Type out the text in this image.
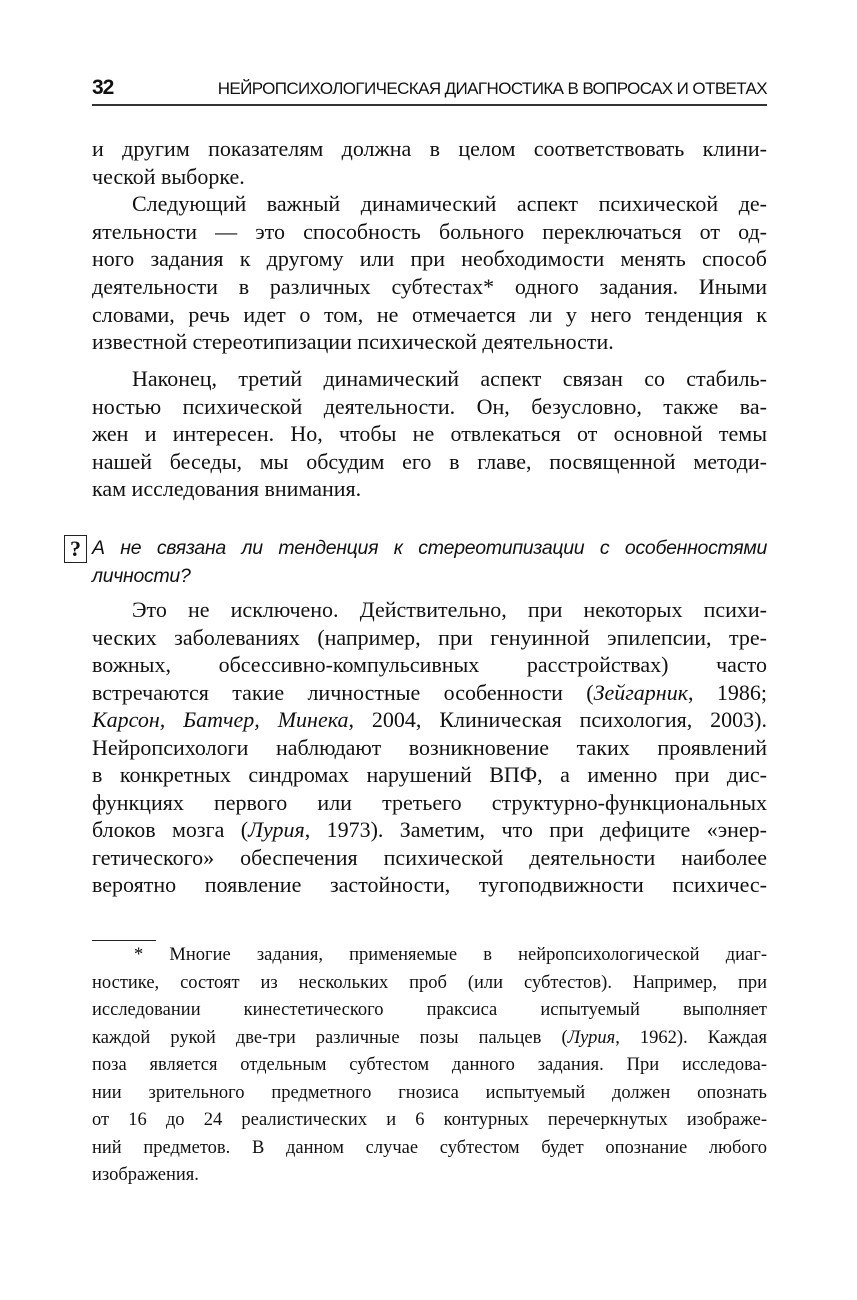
32	НЕЙРОПСИХОЛОГИЧЕСКАЯ ДИАГНОСТИКА В ВОПРОСАХ И ОТВЕТАХ
?
и другим показателям должна в целом соответствовать клини-
ческой выборке.
Следующий важный динамический аспект психической де-
ятельности — это способность больного переключаться от од-
ного задания к другому или при необходимости менять способ
деятельности в различных субтестах* одного задания. Иными
словами, речь идет о том, не отмечается ли у него тенденция к
известной стереотипизации психической деятельности.
Наконец, третий динамический аспект связан со стабиль-
ностью психической деятельности. Он, безусловно, также ва-
жен и интересен. Но, чтобы не отвлекаться от основной темы
нашей беседы, мы обсудим его в главе, посвященной методи-
кам исследования внимания.
А не связана ли тенденция к стереотипизации с особенностями
личности?
Это не исключено. Действительно, при некоторых психи-
ческих заболеваниях (например, при генуинной эпилепсии, тре-
вожных, обсессивно-компульсивных расстройствах) часто
встречаются такие личностные особенности (Зейгарник, 1986;
Карсон, Батчер, Минека, 2004, Клиническая психология, 2003).
Нейропсихологи наблюдают возникновение таких проявлений
в конкретных синдромах нарушений ВПФ, а именно при дис-
функциях первого или третьего структурно-функциональных
блоков мозга (Лурия, 1973). Заметим, что при дефиците «энер-
гетического» обеспечения психической деятельности наиболее
вероятно появление застойности, тугоподвижности психичес-
* Многие задания, применяемые в нейропсихологической диаг-
ностике, состоят из нескольких проб (или субтестов). Например, при
исследовании кинестетического праксиса испытуемый выполняет
каждой рукой две-три различные позы пальцев (Лурия, 1962). Каждая
поза является отдельным субтестом данного задания. При исследова-
нии зрительного предметного гнозиса испытуемый должен опознать
от 16 до 24 реалистических и 6 контурных перечеркнутых изображе-
ний предметов. В данном случае субтестом будет опознание любого
изображения.
